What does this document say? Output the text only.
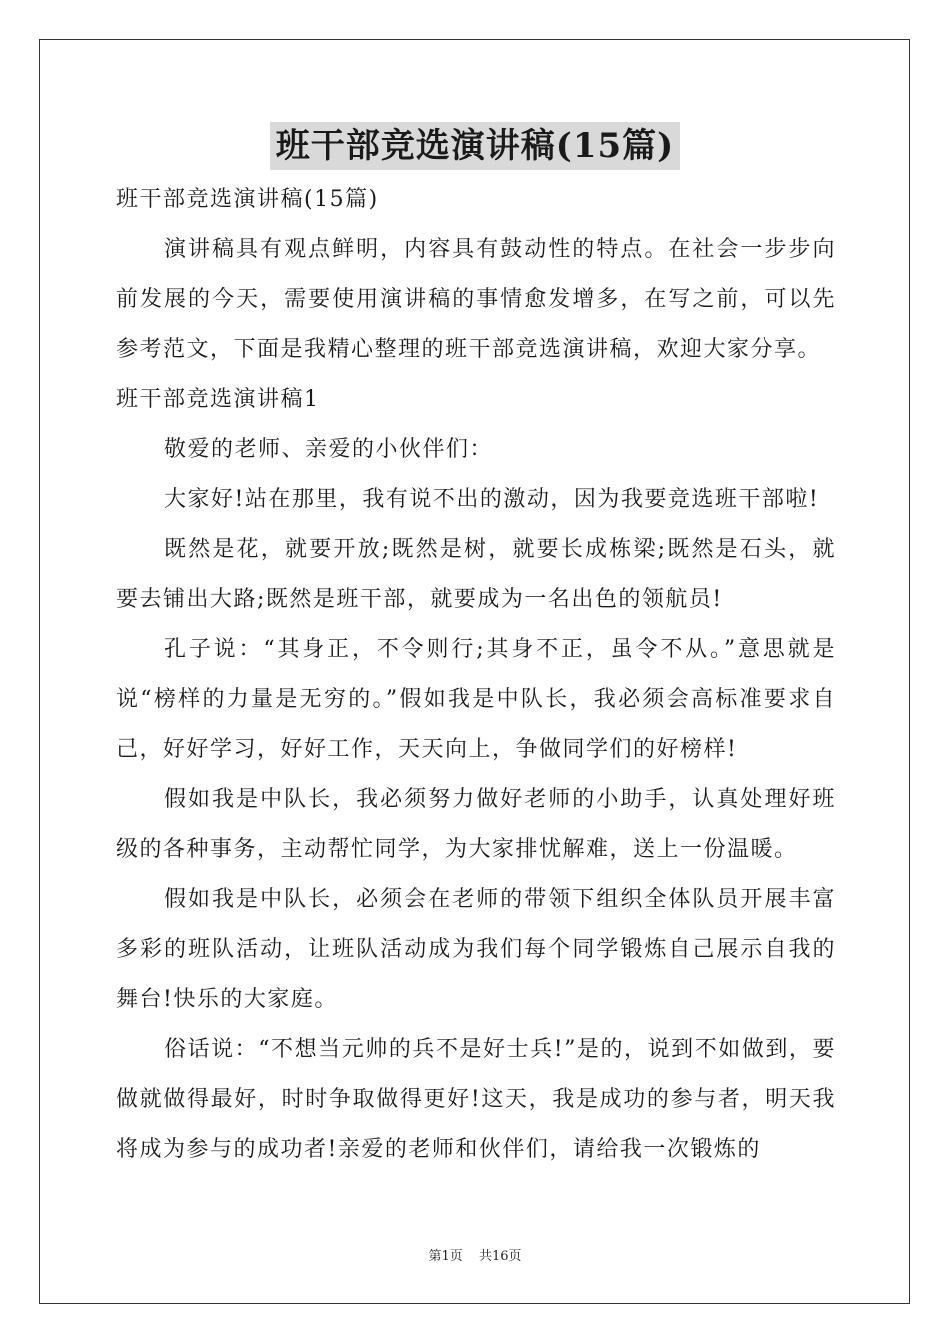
班干部竞选演讲稿(15篇)

班干部竞选演讲稿(15篇)

演讲稿具有观点鲜明，内容具有鼓动性的特点。在社会一步步向前发展的今天，需要使用演讲稿的事情愈发增多，在写之前，可以先参考范文，下面是我精心整理的班干部竞选演讲稿，欢迎大家分享。

班干部竞选演讲稿1

敬爱的老师、亲爱的小伙伴们：

大家好!站在那里，我有说不出的激动，因为我要竞选班干部啦!

既然是花，就要开放;既然是树，就要长成栋梁;既然是石头，就要去铺出大路;既然是班干部，就要成为一名出色的领航员!

孔子说：“其身正，不令则行;其身不正，虽令不从。”意思就是说“榜样的力量是无穷的。”假如我是中队长，我必须会高标准要求自己，好好学习，好好工作，天天向上，争做同学们的好榜样!

假如我是中队长，我必须努力做好老师的小助手，认真处理好班级的各种事务，主动帮忙同学，为大家排忧解难，送上一份温暖。

假如我是中队长，必须会在老师的带领下组织全体队员开展丰富多彩的班队活动，让班队活动成为我们每个同学锻炼自己展示自我的舞台!快乐的大家庭。

俗话说：“不想当元帅的兵不是好士兵!”是的，说到不如做到，要做就做得最好，时时争取做得更好!这天，我是成功的参与者，明天我将成为参与的成功者!亲爱的老师和伙伴们，请给我一次锻炼的

第1页 共16页
